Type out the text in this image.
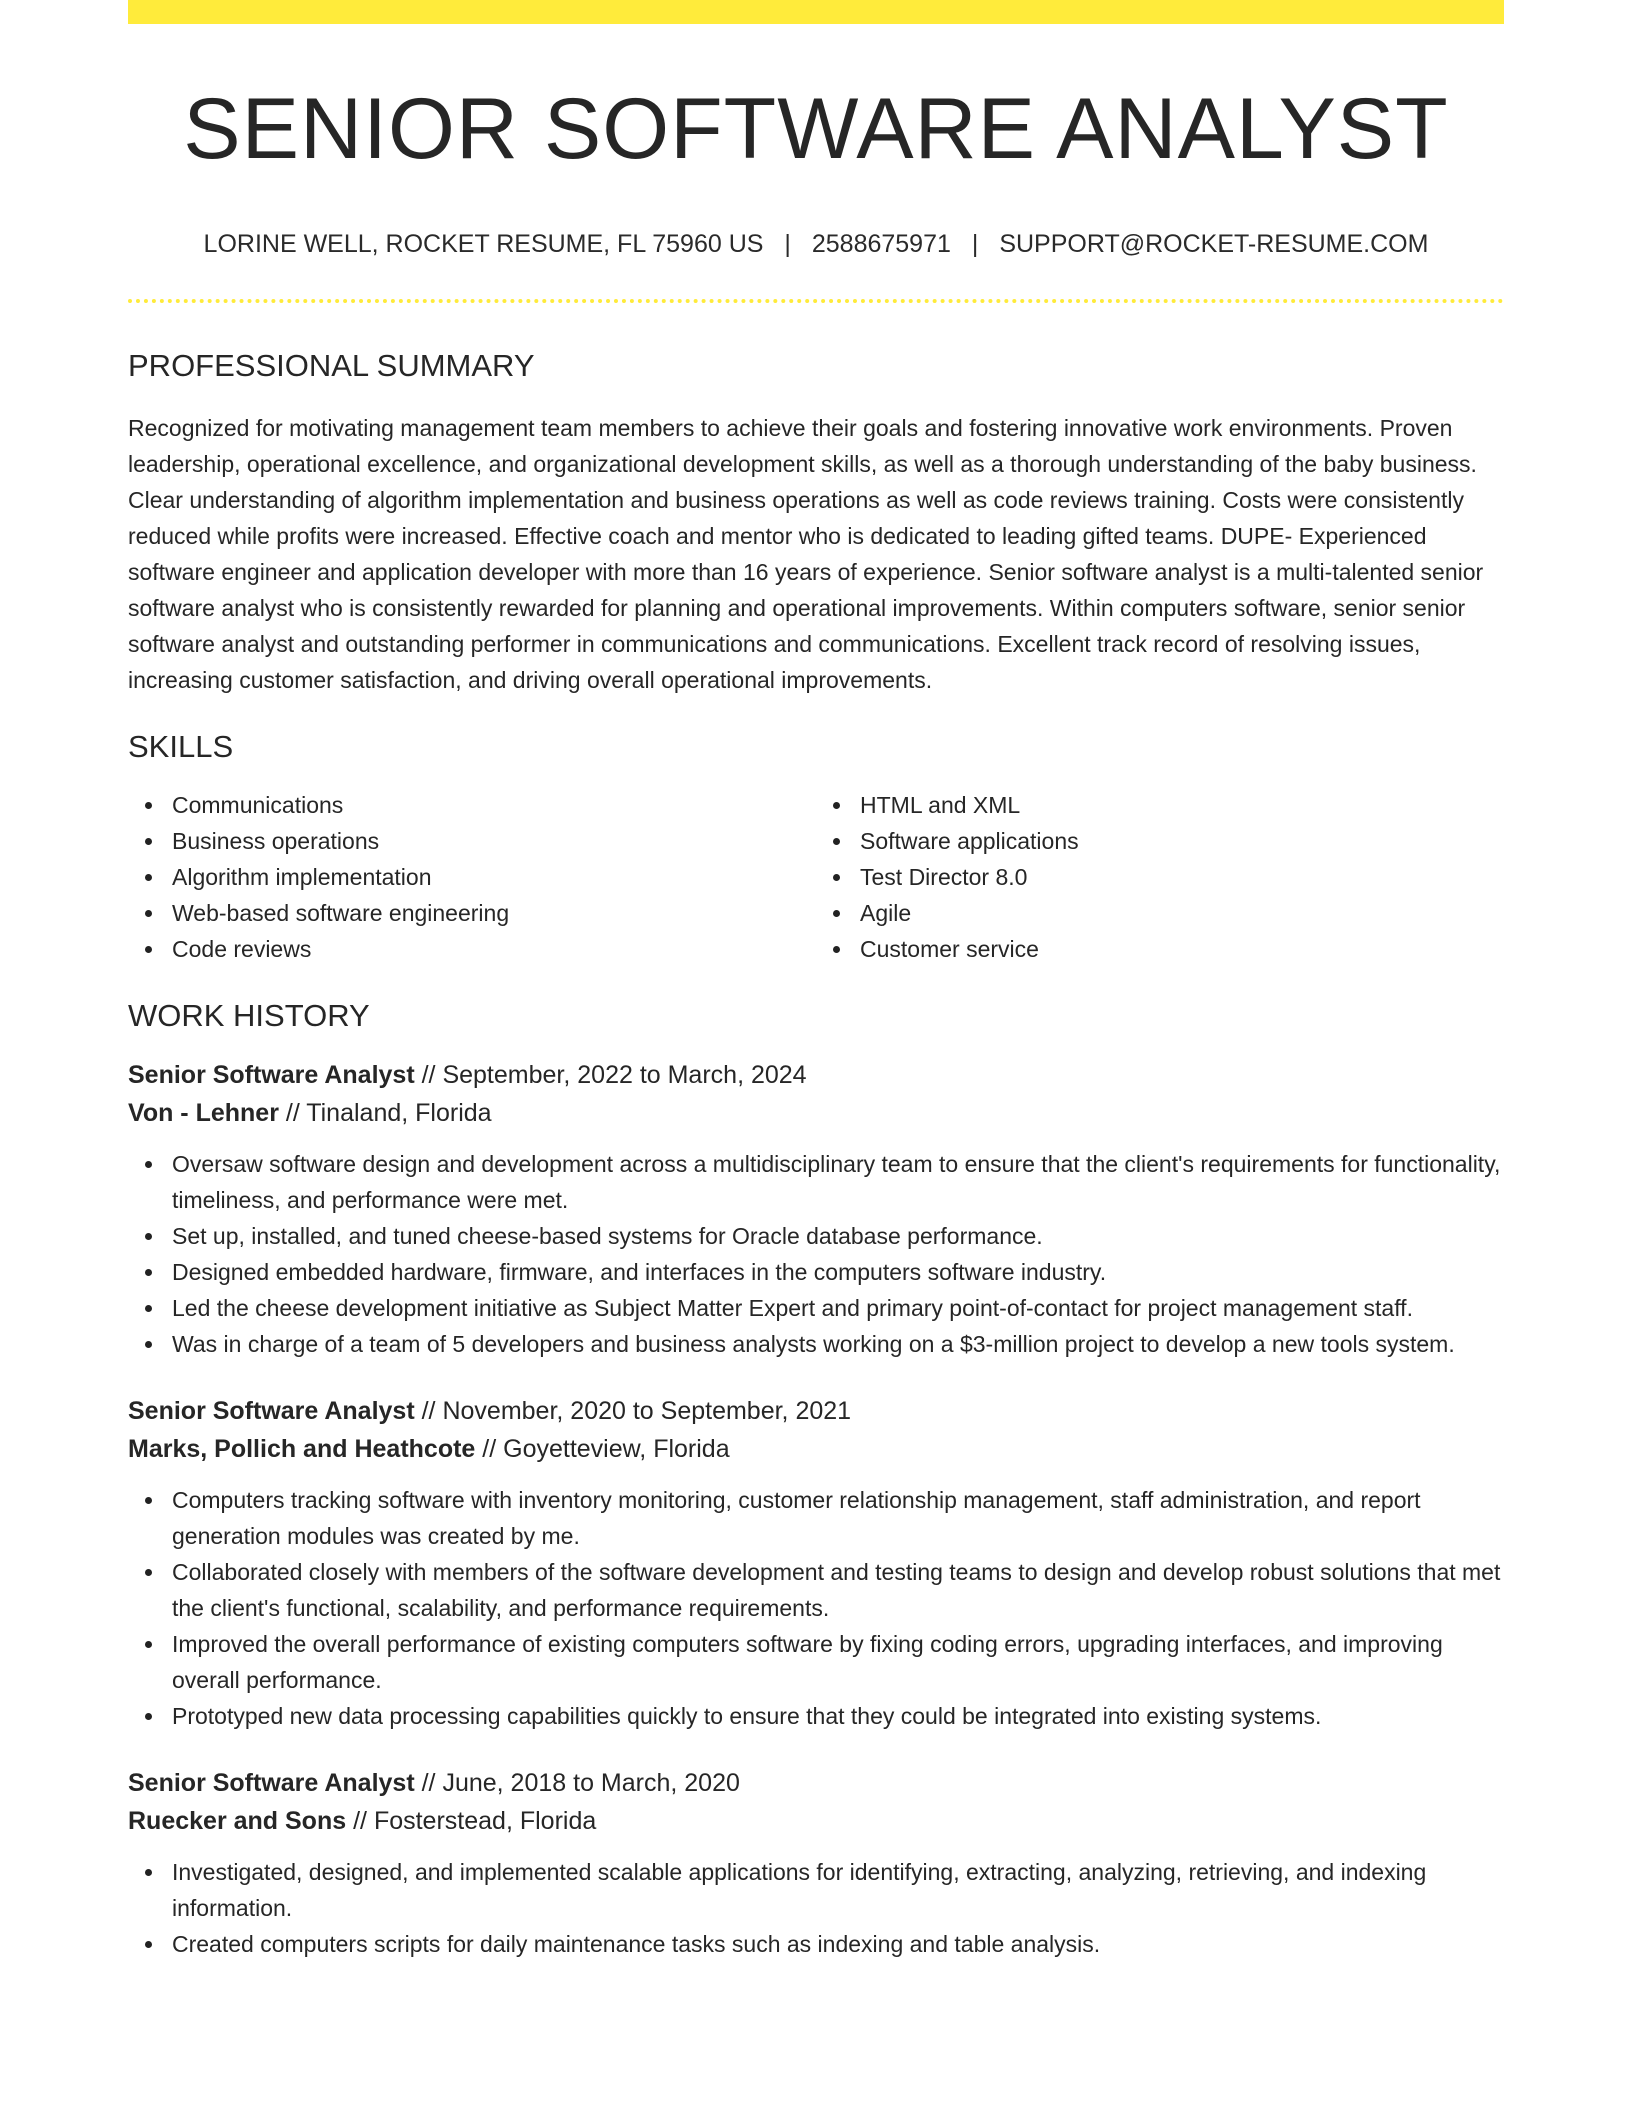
SENIOR SOFTWARE ANALYST
LORINE WELL, ROCKET RESUME, FL 75960 US | 2588675971 | SUPPORT@ROCKET-RESUME.COM
PROFESSIONAL SUMMARY

Recognized for motivating management team members to achieve their goals and fostering innovative work environments. Proven leadership, operational excellence, and organizational development skills, as well as a thorough understanding of the baby business. Clear understanding of algorithm implementation and business operations as well as code reviews training. Costs were consistently reduced while profits were increased. Effective coach and mentor who is dedicated to leading gifted teams. DUPE- Experienced software engineer and application developer with more than 16 years of experience. Senior software analyst is a multi-talented senior software analyst who is consistently rewarded for planning and operational improvements. Within computers software, senior senior software analyst and outstanding performer in communications and communications. Excellent track record of resolving issues, increasing customer satisfaction, and driving overall operational improvements.

SKILLS
Communications
Business operations
Algorithm implementation
Web-based software engineering
Code reviews
HTML and XML
Software applications
Test Director 8.0
Agile
Customer service
WORK HISTORY
Senior Software Analyst // September, 2022 to March, 2024
Von - Lehner // Tinaland, Florida
Oversaw software design and development across a multidisciplinary team to ensure that the client's requirements for functionality, timeliness, and performance were met.
Set up, installed, and tuned cheese-based systems for Oracle database performance.
Designed embedded hardware, firmware, and interfaces in the computers software industry.
Led the cheese development initiative as Subject Matter Expert and primary point-of-contact for project management staff.
Was in charge of a team of 5 developers and business analysts working on a $3-million project to develop a new tools system.
Senior Software Analyst // November, 2020 to September, 2021
Marks, Pollich and Heathcote // Goyetteview, Florida
Computers tracking software with inventory monitoring, customer relationship management, staff administration, and report generation modules was created by me.
Collaborated closely with members of the software development and testing teams to design and develop robust solutions that met the client's functional, scalability, and performance requirements.
Improved the overall performance of existing computers software by fixing coding errors, upgrading interfaces, and improving overall performance.
Prototyped new data processing capabilities quickly to ensure that they could be integrated into existing systems.
Senior Software Analyst // June, 2018 to March, 2020
Ruecker and Sons // Fosterstead, Florida
Investigated, designed, and implemented scalable applications for identifying, extracting, analyzing, retrieving, and indexing information.
Created computers scripts for daily maintenance tasks such as indexing and table analysis.
